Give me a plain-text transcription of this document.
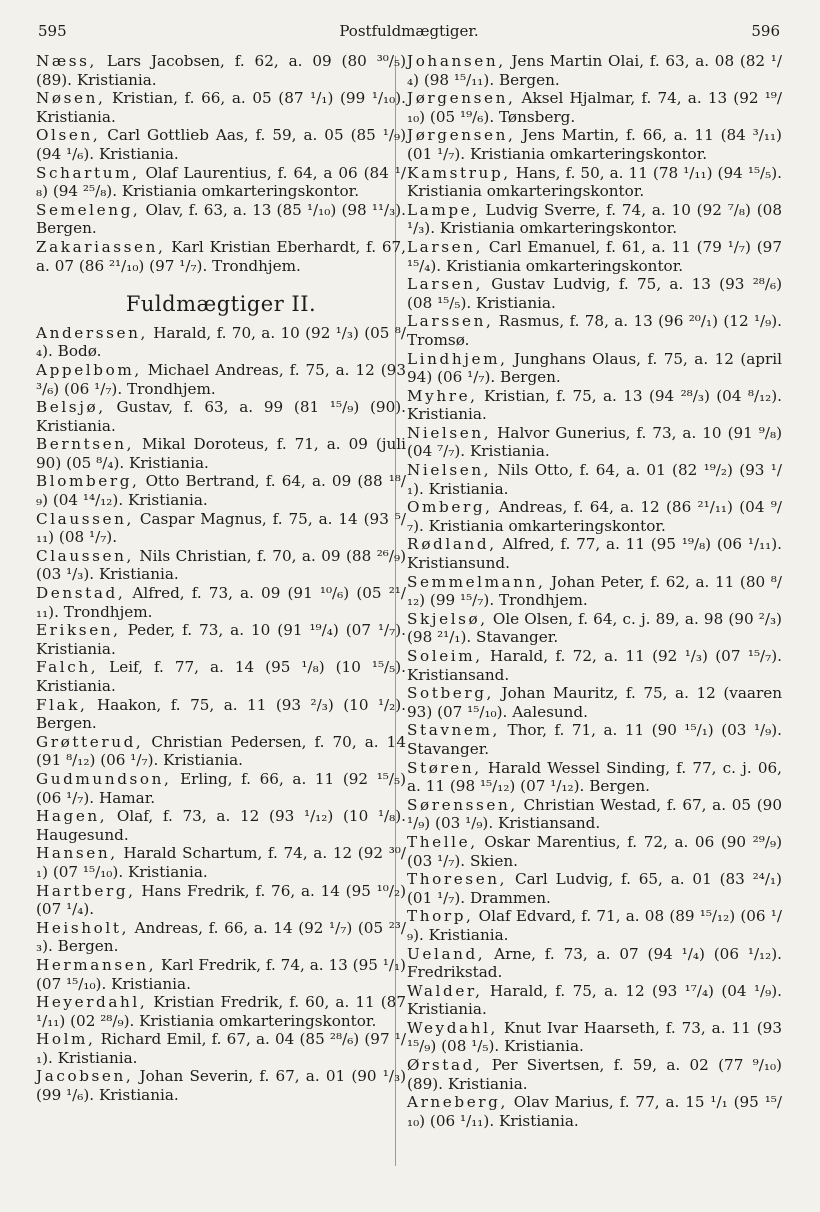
595	Postfuldmægtiger.	596

Næss, Lars Jacobsen, f. 62, a. 09 (80 ³⁰/₅) (89). Kristiania.

Nøsen, Kristian, f. 66, a. 05 (87 ¹/₁) (99 ¹/₁₀). Kristiania.

Olsen, Carl Gottlieb Aas, f. 59, a. 05 (85 ¹/₉) (94 ¹/₆). Kristiania.

Schartum, Olaf Laurentius, f. 64, a 06 (84 ¹/₈) (94 ²⁵/₈). Kristiania omkarteringskontor.

Semeleng, Olav, f. 63, a. 13 (85 ¹/₁₀) (98 ¹¹/₃). Bergen.

Zakariassen, Karl Kristian Eberhardt, f. 67, a. 07 (86 ²¹/₁₀) (97 ¹/₇). Trondhjem.

Fuldmægtiger II.

Anderssen, Harald, f. 70, a. 10 (92 ¹/₃) (05 ⁸/₄). Bodø.

Appelbom, Michael Andreas, f. 75, a. 12 (93 ³/₆) (06 ¹/₇). Trondhjem.

Belsjø, Gustav, f. 63, a. 99 (81 ¹⁵/₉) (90). Kristiania.

Berntsen, Mikal Doroteus, f. 71, a. 09 (juli 90) (05 ⁸/₄). Kristiania.

Blomberg, Otto Bertrand, f. 64, a. 09 (88 ¹⁸/₉) (04 ¹⁴/₁₂). Kristiania.

Claussen, Caspar Magnus, f. 75, a. 14 (93 ⁵/₁₁) (08 ¹/₇).

Claussen, Nils Christian, f. 70, a. 09 (88 ²⁶/₉) (03 ¹/₃). Kristiania.

Denstad, Alfred, f. 73, a. 09 (91 ¹⁰/₆) (05 ²¹/₁₁). Trondhjem.

Eriksen, Peder, f. 73, a. 10 (91 ¹⁹/₄) (07 ¹/₇). Kristiania.

Falch, Leif, f. 77, a. 14 (95 ¹/₈) (10 ¹⁵/₅). Kristiania.

Flak, Haakon, f. 75, a. 11 (93 ²/₃) (10 ¹/₂). Bergen.

Grøtterud, Christian Pedersen, f. 70, a. 14 (91 ⁸/₁₂) (06 ¹/₇). Kristiania.

Gudmundson, Erling, f. 66, a. 11 (92 ¹⁵/₅) (06 ¹/₇). Hamar.

Hagen, Olaf, f. 73, a. 12 (93 ¹/₁₂) (10 ¹/₈). Haugesund.

Hansen, Harald Schartum, f. 74, a. 12 (92 ³⁰/₁) (07 ¹⁵/₁₀). Kristiania.

Hartberg, Hans Fredrik, f. 76, a. 14 (95 ¹⁰/₂) (07 ¹/₄).

Heisholt, Andreas, f. 66, a. 14 (92 ¹/₇) (05 ²³/₃). Bergen.

Hermansen, Karl Fredrik, f. 74, a. 13 (95 ¹/₁) (07 ¹⁵/₁₀). Kristiania.

Heyerdahl, Kristian Fredrik, f. 60, a. 11 (87 ¹/₁₁) (02 ²⁸/₉). Kristiania omkarteringskontor.

Holm, Richard Emil, f. 67, a. 04 (85 ²⁸/₆) (97 ¹/₁). Kristiania.

Jacobsen, Johan Severin, f. 67, a. 01 (90 ¹/₃) (99 ¹/₆). Kristiania.

Johansen, Jens Martin Olai, f. 63, a. 08 (82 ¹/₄) (98 ¹⁵/₁₁). Bergen.

Jørgensen, Aksel Hjalmar, f. 74, a. 13 (92 ¹⁹/₁₀) (05 ¹⁹/₆). Tønsberg.

Jørgensen, Jens Martin, f. 66, a. 11 (84 ³/₁₁) (01 ¹/₇). Kristiania omkarteringskontor.

Kamstrup, Hans, f. 50, a. 11 (78 ¹/₁₁) (94 ¹⁵/₅). Kristiania omkarteringskontor.

Lampe, Ludvig Sverre, f. 74, a. 10 (92 ⁷/₈) (08 ¹/₃). Kristiania omkarteringskontor.

Larsen, Carl Emanuel, f. 61, a. 11 (79 ¹/₇) (97 ¹⁵/₄). Kristiania omkarteringskontor.

Larsen, Gustav Ludvig, f. 75, a. 13 (93 ²⁸/₆) (08 ¹⁵/₅). Kristiania.

Larssen, Rasmus, f. 78, a. 13 (96 ²⁰/₁) (12 ¹/₉). Tromsø.

Lindhjem, Junghans Olaus, f. 75, a. 12 (april 94) (06 ¹/₇). Bergen.

Myhre, Kristian, f. 75, a. 13 (94 ²⁸/₃) (04 ⁸/₁₂). Kristiania.

Nielsen, Halvor Gunerius, f. 73, a. 10 (91 ⁹/₈) (04 ⁷/₇). Kristiania.

Nielsen, Nils Otto, f. 64, a. 01 (82 ¹⁹/₂) (93 ¹/₁). Kristiania.

Omberg, Andreas, f. 64, a. 12 (86 ²¹/₁₁) (04 ⁹/₇). Kristiania omkarteringskontor.

Rødland, Alfred, f. 77, a. 11 (95 ¹⁹/₈) (06 ¹/₁₁). Kristiansund.

Semmelmann, Johan Peter, f. 62, a. 11 (80 ⁸/₁₂) (99 ¹⁵/₇). Trondhjem.

Skjelsø, Ole Olsen, f. 64, c. j. 89, a. 98 (90 ²/₃) (98 ²¹/₁). Stavanger.

Soleim, Harald, f. 72, a. 11 (92 ¹/₃) (07 ¹⁵/₇). Kristiansand.

Sotberg, Johan Mauritz, f. 75, a. 12 (vaaren 93) (07 ¹⁵/₁₀). Aalesund.

Stavnem, Thor, f. 71, a. 11 (90 ¹⁵/₁) (03 ¹/₉). Stavanger.

Støren, Harald Wessel Sinding, f. 77, c. j. 06, a. 11 (98 ¹⁵/₁₂) (07 ¹/₁₂). Bergen.

Sørenssen, Christian Westad, f. 67, a. 05 (90 ¹/₉) (03 ¹/₉). Kristiansand.

Thelle, Oskar Marentius, f. 72, a. 06 (90 ²⁹/₉) (03 ¹/₇). Skien.

Thoresen, Carl Ludvig, f. 65, a. 01 (83 ²⁴/₁) (01 ¹/₇). Drammen.

Thorp, Olaf Edvard, f. 71, a. 08 (89 ¹⁵/₁₂) (06 ¹/₉). Kristiania.

Ueland, Arne, f. 73, a. 07 (94 ¹/₄) (06 ¹/₁₂). Fredrikstad.

Walder, Harald, f. 75, a. 12 (93 ¹⁷/₄) (04 ¹/₉). Kristiania.

Weydahl, Knut Ivar Haarseth, f. 73, a. 11 (93 ¹⁵/₉) (08 ¹/₅). Kristiania.

Ørstad, Per Sivertsen, f. 59, a. 02 (77 ⁹/₁₀) (89). Kristiania.

Arneberg, Olav Marius, f. 77, a. 15 ¹/₁ (95 ¹⁵/₁₀) (06 ¹/₁₁). Kristiania.
